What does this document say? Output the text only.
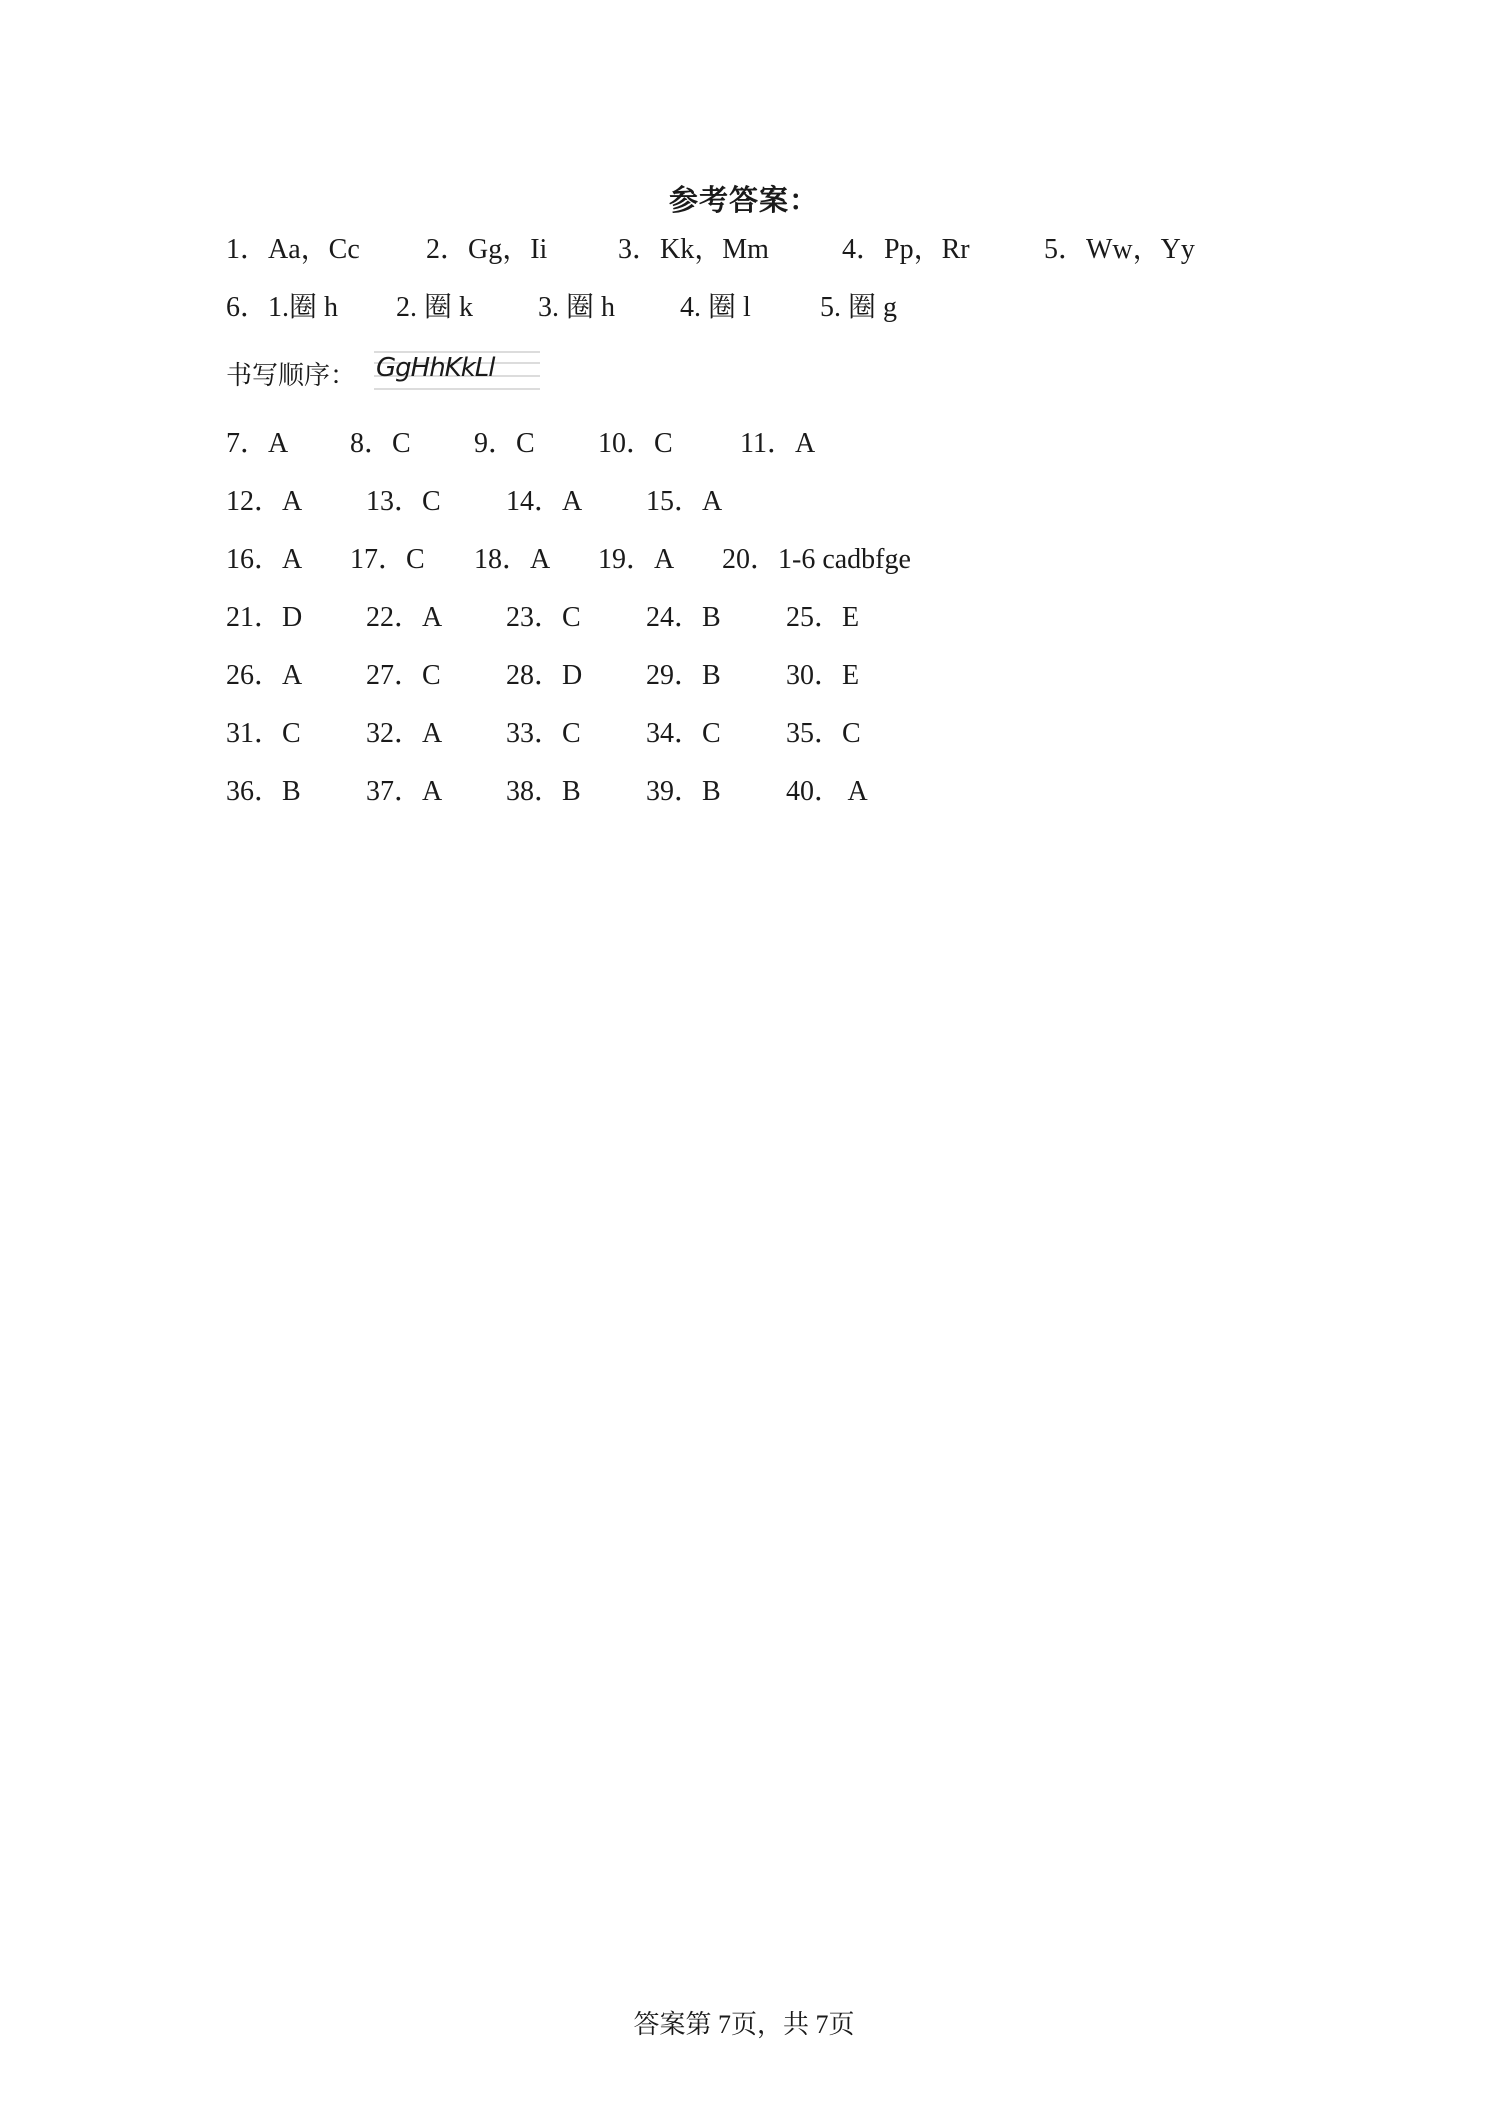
参考答案：
1．Aa，Cc 2．Gg，Ii	3．Kk，Mm	4．Pp，Rr	5．Ww，Yy
6．1.圈 h 2. 圈 k 3. 圈 h 4. 圈 l 5. 圈 g
书写顺序： GgHhKkLl
7．A 8．C 9．C 10．C 11．A
12．A 13．C 14．A 15．A
16．A 17．C 18．A 19．A 20．1-6 cadbfge
21．D 22．A 23．C 24．B 25．E
26．A 27．C 28．D 29．B 30．E
31．C 32．A 33．C 34．C 35．C
36．B 37．A 38．B 39．B 40． A
答案第 7页，共 7页
